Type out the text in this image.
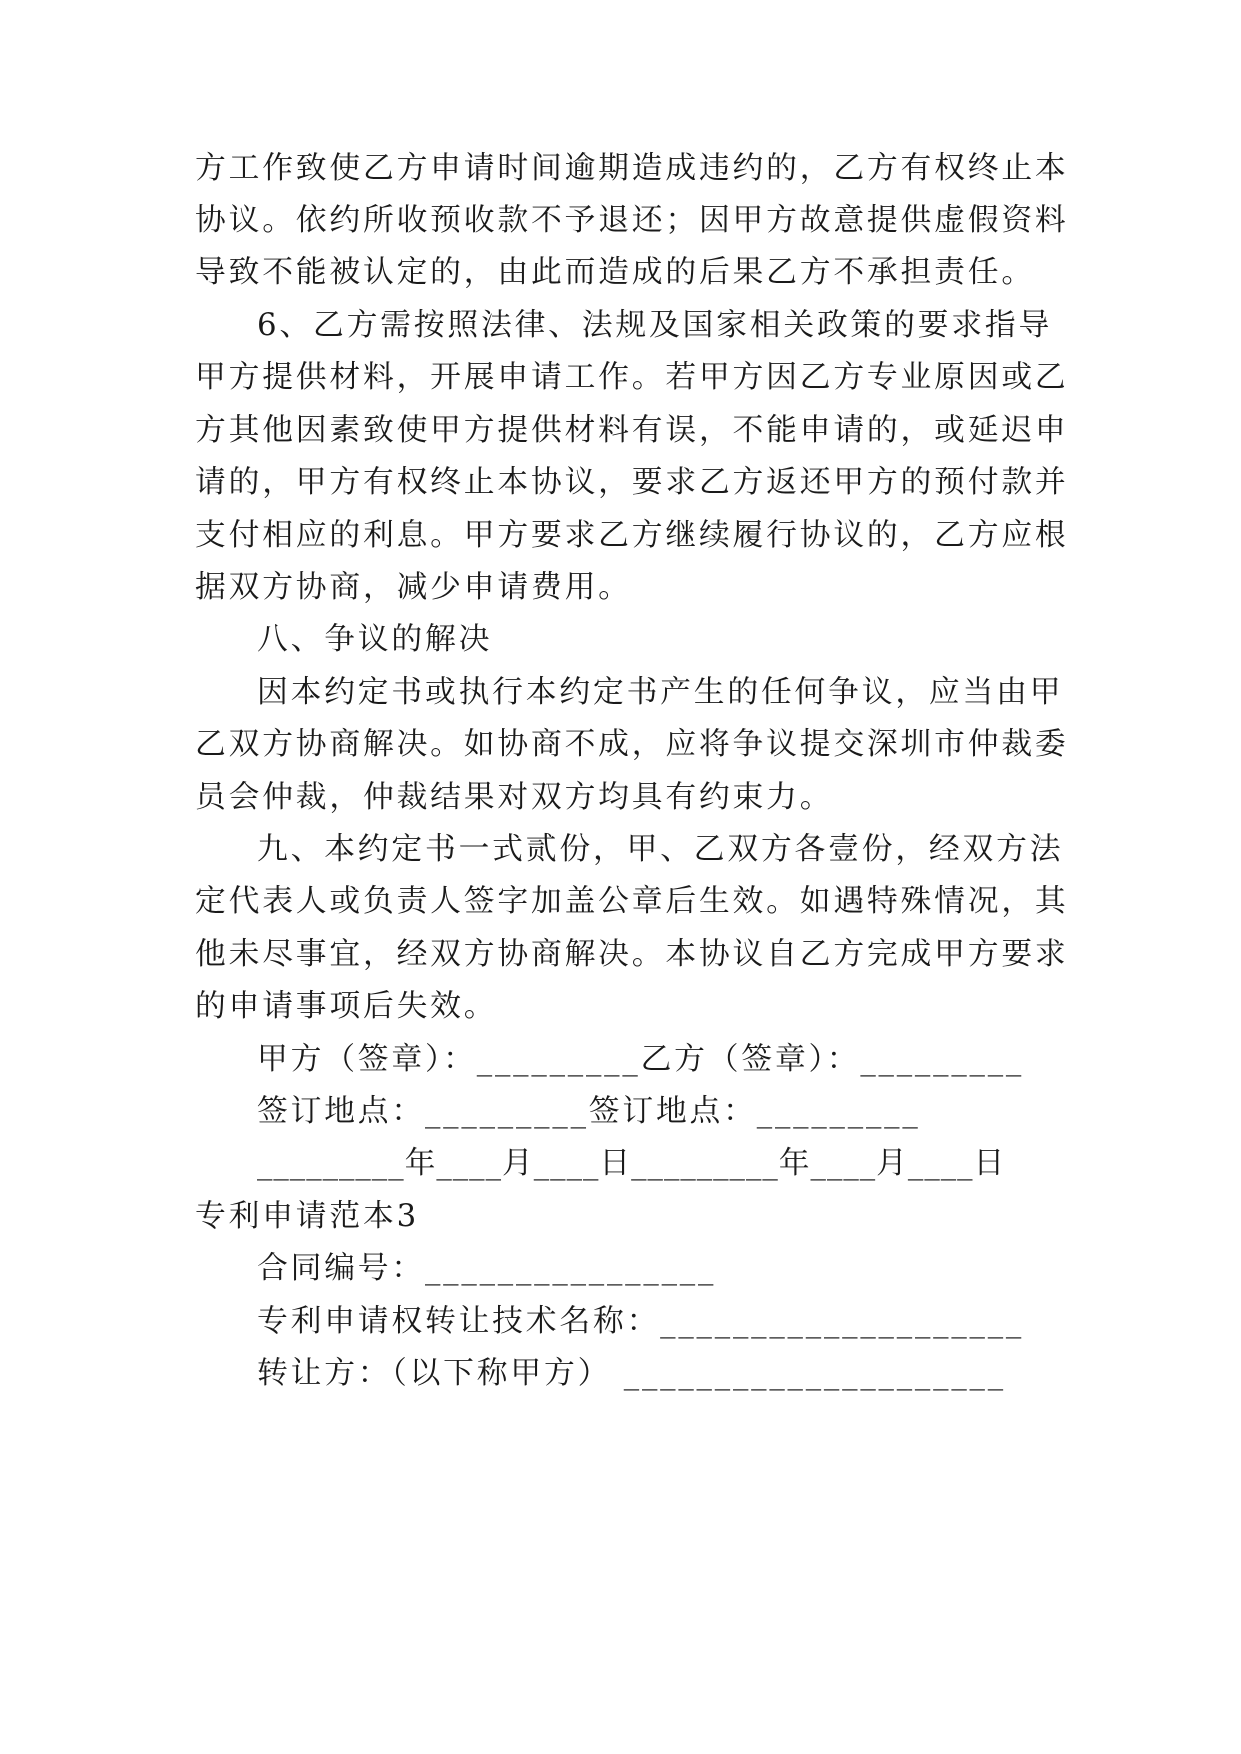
方工作致使乙方申请时间逾期造成违约的，乙方有权终止本
协议。依约所收预收款不予退还；因甲方故意提供虚假资料
导致不能被认定的，由此而造成的后果乙方不承担责任。
6、乙方需按照法律、法规及国家相关政策的要求指导
甲方提供材料，开展申请工作。若甲方因乙方专业原因或乙
方其他因素致使甲方提供材料有误，不能申请的，或延迟申
请的，甲方有权终止本协议，要求乙方返还甲方的预付款并
支付相应的利息。甲方要求乙方继续履行协议的，乙方应根
据双方协商，减少申请费用。
八、争议的解决
因本约定书或执行本约定书产生的任何争议，应当由甲
乙双方协商解决。如协商不成，应将争议提交深圳市仲裁委
员会仲裁，仲裁结果对双方均具有约束力。
九、本约定书一式贰份，甲、乙双方各壹份，经双方法
定代表人或负责人签字加盖公章后生效。如遇特殊情况，其
他未尽事宜，经双方协商解决。本协议自乙方完成甲方要求
的申请事项后失效。
甲方（签章）：_________乙方（签章）：_________
签订地点：_________签订地点：_________
_________年____月____日_________年____月____日
专利申请范本3
合同编号：________________
专利申请权转让技术名称：____________________
转让方：（以下称甲方） _____________________
